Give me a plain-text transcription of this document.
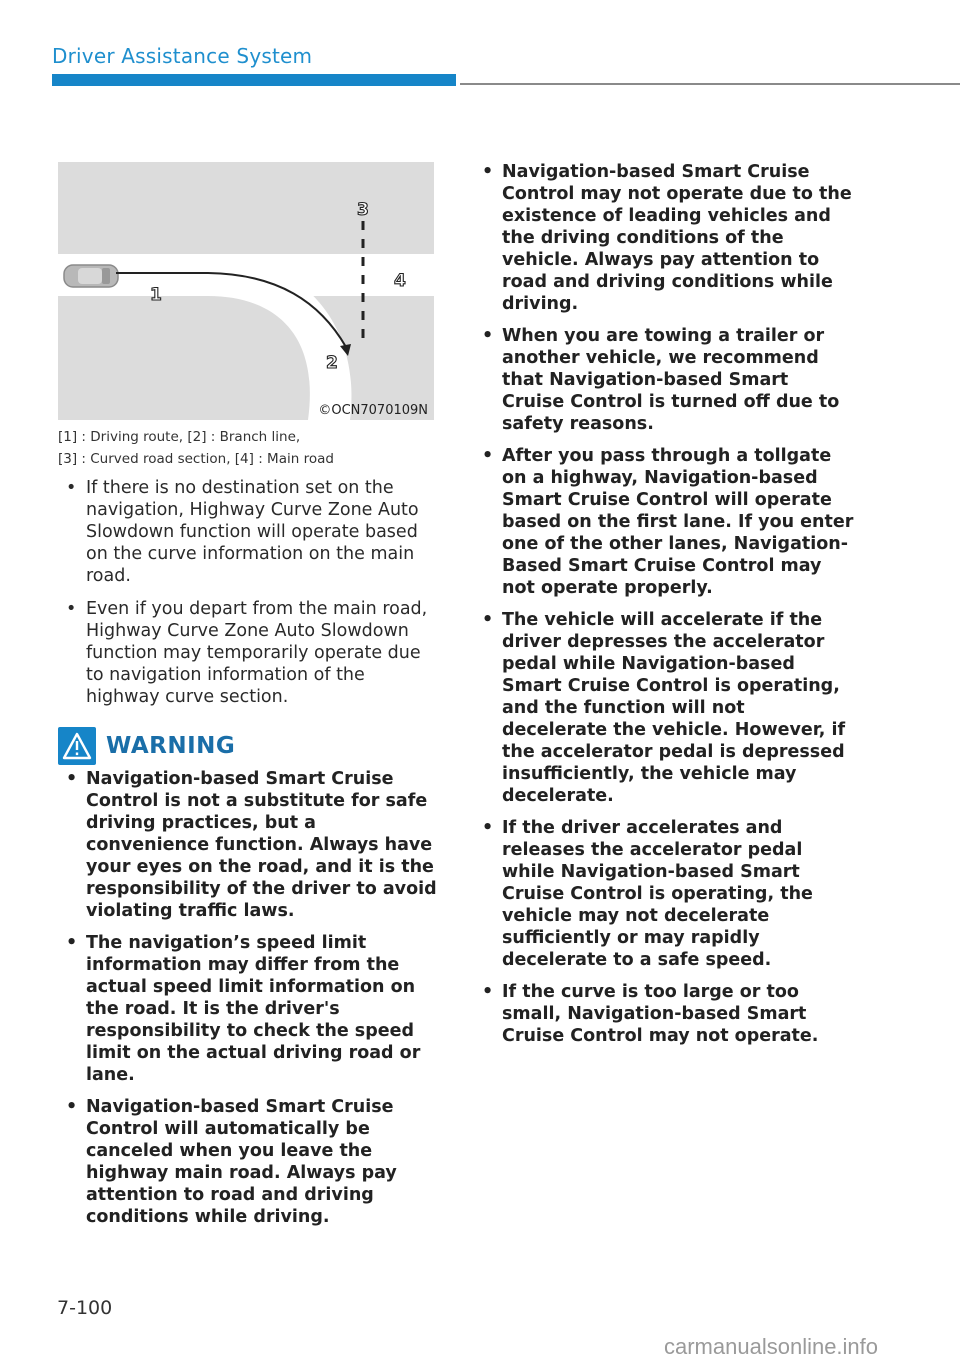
Driver Assistance System
1
2
3
4
©OCN7070109N
[1] : Driving route, [2] : Branch line,
[3] : Curved road section, [4] : Main road
• If there is no destination set on the navigation, Highway Curve Zone Auto Slowdown function will operate based on the curve information on the main road.
• Even if you depart from the main road, Highway Curve Zone Auto Slowdown function may temporarily operate due to navigation information of the highway curve section.
WARNING
• Navigation-based Smart Cruise Control is not a substitute for safe driving practices, but a convenience function. Always have your eyes on the road, and it is the responsibility of the driver to avoid violating traffic laws.
• The navigation’s speed limit information may differ from the actual speed limit information on the road. It is the driver's responsibility to check the speed limit on the actual driving road or lane.
• Navigation-based Smart Cruise Control will automatically be canceled when you leave the highway main road. Always pay attention to road and driving conditions while driving.
• Navigation-based Smart Cruise Control may not operate due to the existence of leading vehicles and the driving conditions of the vehicle. Always pay attention to road and driving conditions while driving.
• When you are towing a trailer or another vehicle, we recommend that Navigation-based Smart Cruise Control is turned off due to safety reasons.
• After you pass through a tollgate on a highway, Navigation-based Smart Cruise Control will operate based on the first lane. If you enter one of the other lanes, Navigation-Based Smart Cruise Control may not operate properly.
• The vehicle will accelerate if the driver depresses the accelerator pedal while Navigation-based Smart Cruise Control is operating, and the function will not decelerate the vehicle. However, if the accelerator pedal is depressed insufficiently, the vehicle may decelerate.
• If the driver accelerates and releases the accelerator pedal while Navigation-based Smart Cruise Control is operating, the vehicle may not decelerate sufficiently or may rapidly decelerate to a safe speed.
• If the curve is too large or too small, Navigation-based Smart Cruise Control may not operate.
7-100
carmanualsonline.info
